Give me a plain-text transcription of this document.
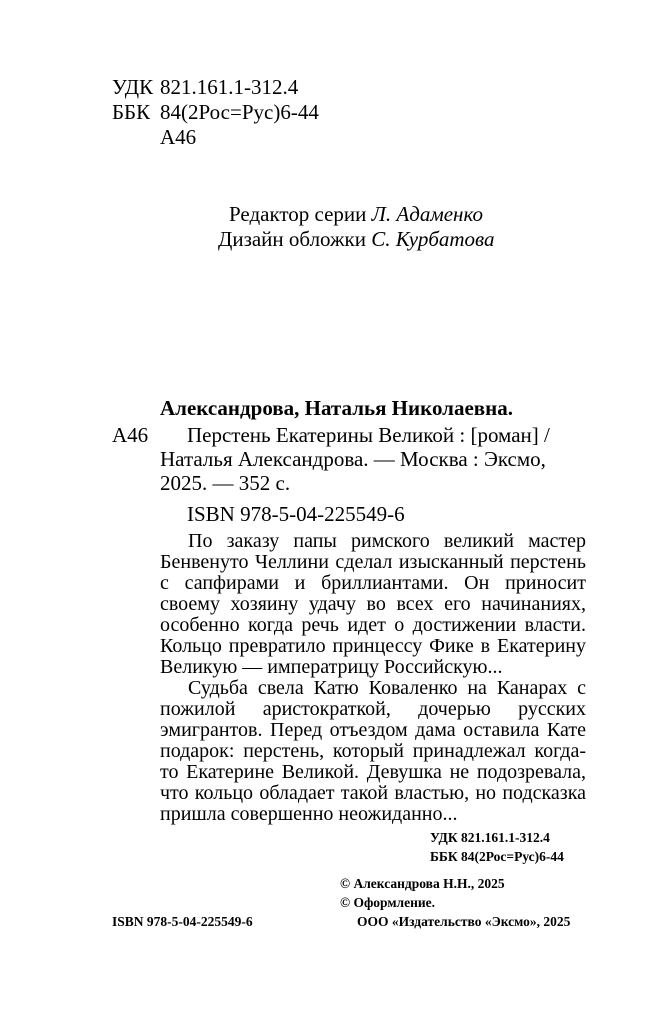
УДК 821.161.1-312.4
ББК 84(2Рос=Рус)6-44
А46
Редактор серии Л. Адаменко
Дизайн обложки С. Курбатова
Александрова, Наталья Николаевна.
А46 Перстень Екатерины Великой : [роман] /
Наталья Александрова. — Москва : Эксмо,
2025. — 352 с.
ISBN 978-5-04-225549-6

По заказу папы римского великий мастер Бенвенуто Челлини сделал изысканный перстень с сапфирами и бриллиантами. Он приносит своему хозяину удачу во всех его начинаниях, особенно когда речь идет о достижении власти. Кольцо превратило принцессу Фике в Екатерину Великую — императрицу Российскую...

Судьба свела Катю Коваленко на Канарах с пожилой аристократкой, дочерью русских эмигрантов. Перед отъездом дама оставила Кате подарок: перстень, который принадлежал когда-то Екатерине Великой. Девушка не подозревала, что кольцо обладает такой властью, но подсказка пришла совершенно неожиданно...

УДК 821.161.1-312.4
ББК 84(2Рос=Рус)6-44
© Александрова Н.Н., 2025
© Оформление.
ООО «Издательство «Эксмо», 2025
ISBN 978-5-04-225549-6
